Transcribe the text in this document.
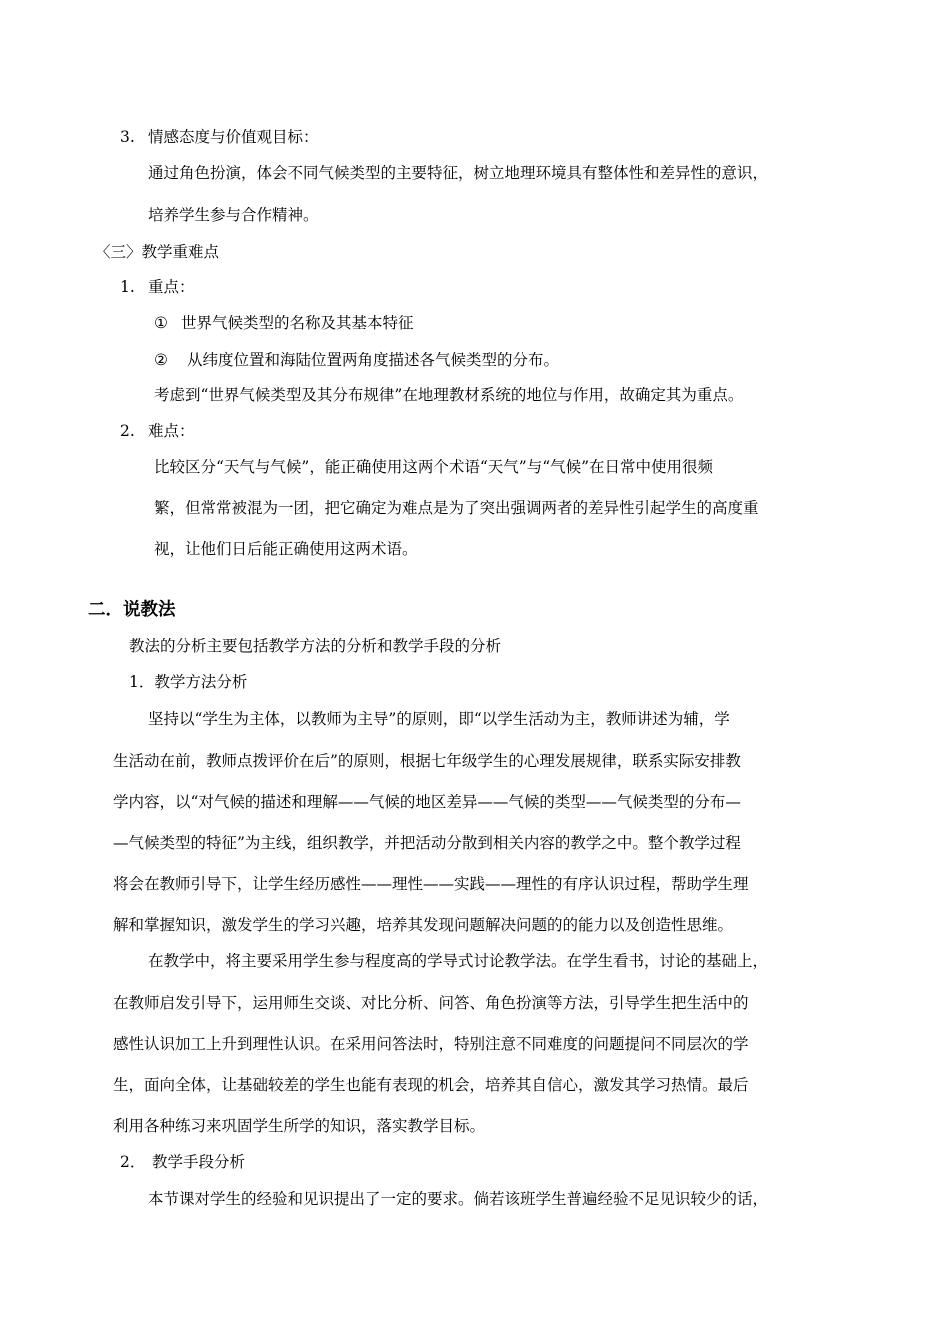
3. 情感态度与价值观目标：
通过角色扮演，体会不同气候类型的主要特征，树立地理环境具有整体性和差异性的意识，
培养学生参与合作精神。
〈三〉教学重难点
1. 重点：
① 世界气候类型的名称及其基本特征
② 从纬度位置和海陆位置两角度描述各气候类型的分布。
考虑到“世界气候类型及其分布规律”在地理教材系统的地位与作用，故确定其为重点。
2. 难点：
比较区分“天气与气候”，能正确使用这两个术语“天气”与“气候”在日常中使用很频
繁，但常常被混为一团，把它确定为难点是为了突出强调两者的差异性引起学生的高度重
视，让他们日后能正确使用这两术语。
二．说教法
教法的分析主要包括教学方法的分析和教学手段的分析
1．教学方法分析
坚持以“学生为主体，以教师为主导”的原则，即“以学生活动为主，教师讲述为辅，学
生活动在前，教师点拨评价在后”的原则，根据七年级学生的心理发展规律，联系实际安排教
学内容，以“对气候的描述和理解——气候的地区差异——气候的类型——气候类型的分布—
—气候类型的特征”为主线，组织教学，并把活动分散到相关内容的教学之中。整个教学过程
将会在教师引导下，让学生经历感性——理性——实践——理性的有序认识过程，帮助学生理
解和掌握知识，激发学生的学习兴趣，培养其发现问题解决问题的的能力以及创造性思维。
在教学中，将主要采用学生参与程度高的学导式讨论教学法。在学生看书，讨论的基础上，
在教师启发引导下，运用师生交谈、对比分析、问答、角色扮演等方法，引导学生把生活中的
感性认识加工上升到理性认识。在采用问答法时，特别注意不同难度的问题提问不同层次的学
生，面向全体，让基础较差的学生也能有表现的机会，培养其自信心，激发其学习热情。最后
利用各种练习来巩固学生所学的知识，落实教学目标。
2． 教学手段分析
本节课对学生的经验和见识提出了一定的要求。倘若该班学生普遍经验不足见识较少的话，
